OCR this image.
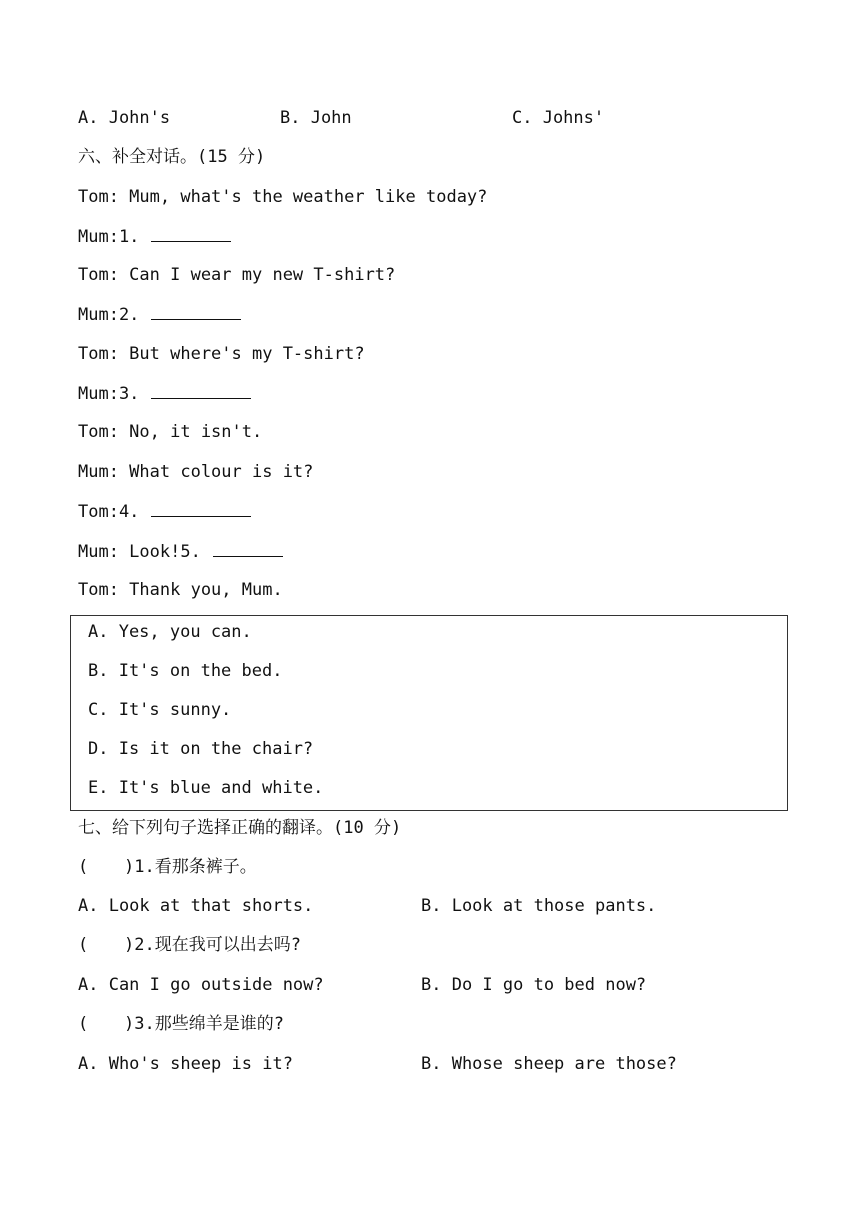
A. John's	B. John	C. Johns'
六、补全对话。(15 分)
Tom: Mum, what's the weather like today?
Mum:1.
Tom: Can I wear my new T-shirt?
Mum:2.
Tom: But where's my T-shirt?
Mum:3.
Tom: No, it isn't.
Mum: What colour is it?
Tom:4.
Mum: Look!5.
Tom: Thank you, Mum.
A. Yes, you can.
B. It's on the bed.
C. It's sunny.
D. Is it on the chair?
E. It's blue and white.
七、给下列句子选择正确的翻译。(10 分)
( )1.看那条裤子。
A. Look at that shorts.	B. Look at those pants.
( )2.现在我可以出去吗?
A. Can I go outside now?	B. Do I go to bed now?
( )3.那些绵羊是谁的?
A. Who's sheep is it?	B. Whose sheep are those?
